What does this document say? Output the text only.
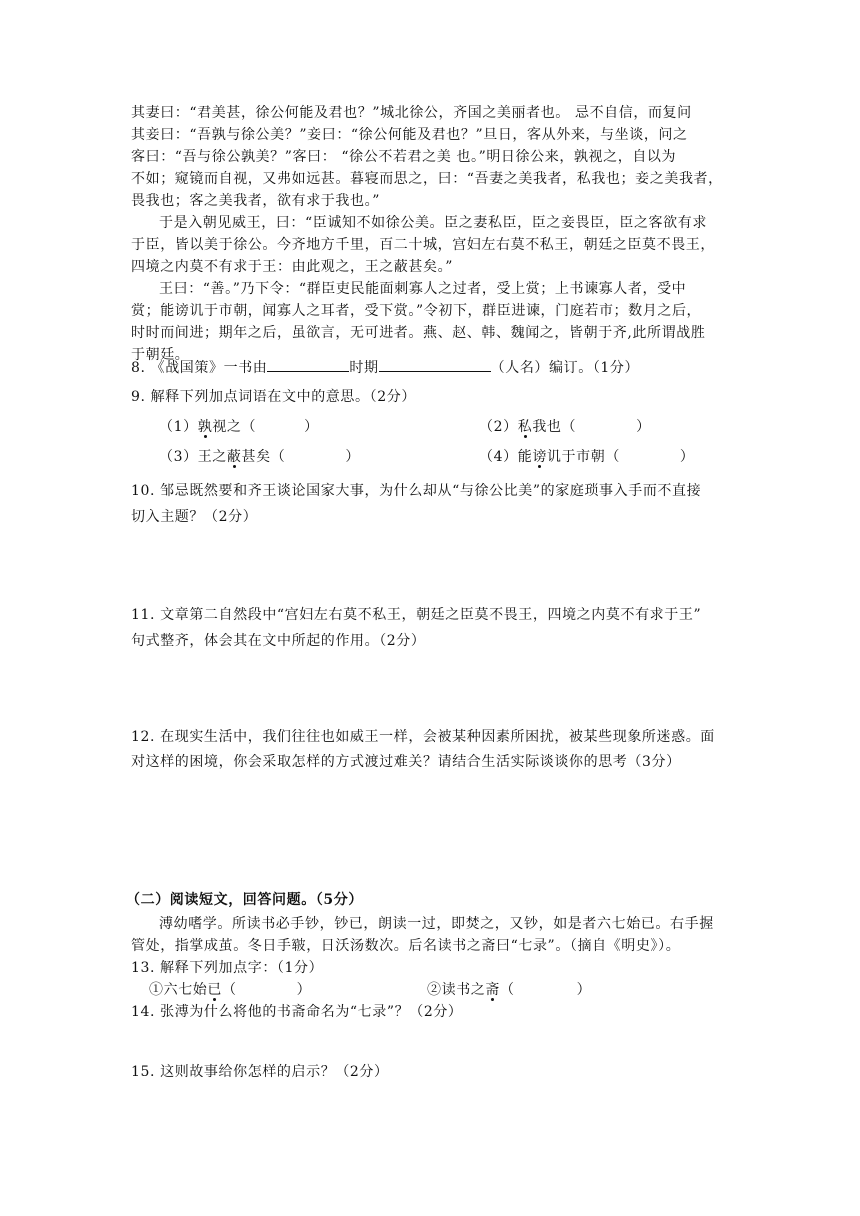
其妻曰：“君美甚，徐公何能及君也？”城北徐公，齐国之美丽者也。 忌不自信，而复问
其妾曰：“吾孰与徐公美？”妾曰：“徐公何能及君也？”旦日，客从外来，与坐谈，问之
客曰：“吾与徐公孰美？”客曰： “徐公不若君之美 也。”明日徐公来，孰视之，自以为
不如；窥镜而自视，又弗如远甚。暮寝而思之，曰：“吾妻之美我者，私我也；妾之美我者，
畏我也；客之美我者，欲有求于我也。”
于是入朝见威王，曰：“臣诚知不如徐公美。臣之妻私臣，臣之妾畏臣，臣之客欲有求
于臣，皆以美于徐公。今齐地方千里，百二十城，宫妇左右莫不私王，朝廷之臣莫不畏王，
四境之内莫不有求于王：由此观之，王之蔽甚矣。”
王曰：“善。”乃下令：“群臣吏民能面刺寡人之过者，受上赏；上书谏寡人者，受中
赏；能谤讥于市朝，闻寡人之耳者，受下赏。”令初下，群臣进谏，门庭若市；数月之后，
时时而间进；期年之后，虽欲言，无可进者。燕、赵、韩、魏闻之，皆朝于齐,此所谓战胜
于朝廷。
8. 《战国策》一书由	时期	（人名）编订。（1分）
9. 解释下列加点词语在文中的意思。（2分）
（1）孰视之（	）	（2）私我也（	）
（3）王之蔽甚矣（	）	（4）能谤讥于市朝（	）
10. 邹忌既然要和齐王谈论国家大事，为什么却从“与徐公比美”的家庭琐事入手而不直接
切入主题？（2分）
11. 文章第二自然段中“宫妇左右莫不私王，朝廷之臣莫不畏王，四境之内莫不有求于王”
句式整齐，体会其在文中所起的作用。（2分）
12. 在现实生活中，我们往往也如威王一样，会被某种因素所困扰，被某些现象所迷惑。面
对这样的困境，你会采取怎样的方式渡过难关？请结合生活实际谈谈你的思考（3分）
（二）阅读短文，回答问题。（5分）
溥幼嗜学。所读书必手钞，钞已，朗读一过，即焚之，又钞，如是者六七始已。右手握
管处，指掌成茧。冬日手皲，日沃汤数次。后名读书之斋曰“七录”。（摘自《明史》）。
13. 解释下列加点字：（1分）
①六七始已（	）	②读书之斋（	）
14. 张溥为什么将他的书斋命名为“七录”？（2分）
15. 这则故事给你怎样的启示？（2分）
